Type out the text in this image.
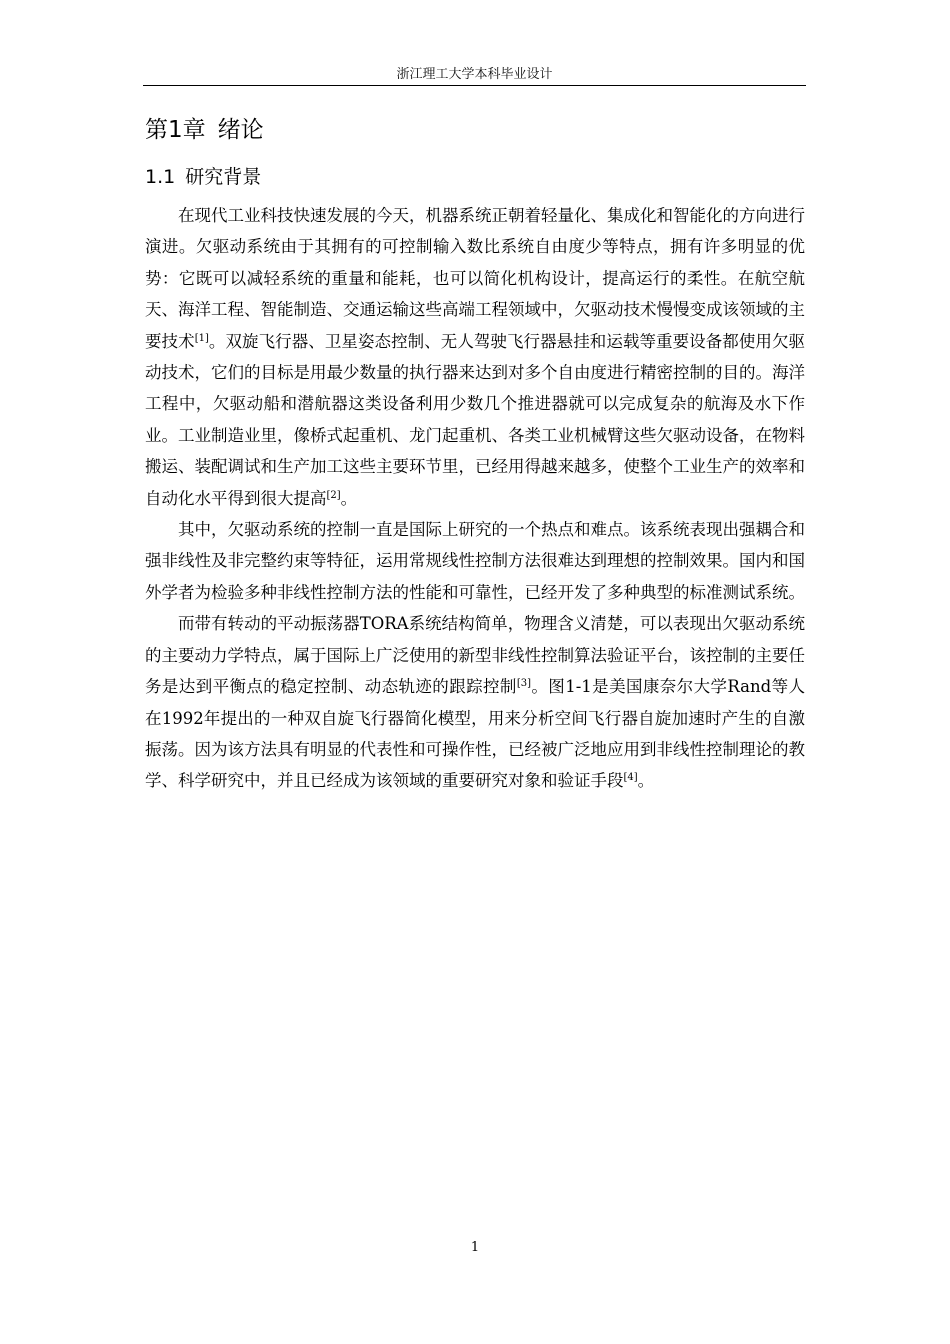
浙江理工大学本科毕业设计
第1章 绪论
1.1 研究背景

在现代工业科技快速发展的今天，机器系统正朝着轻量化、集成化和智能化的方向进行演进。欠驱动系统由于其拥有的可控制输入数比系统自由度少等特点，拥有许多明显的优势：它既可以减轻系统的重量和能耗，也可以简化机构设计，提高运行的柔性。在航空航天、海洋工程、智能制造、交通运输这些高端工程领域中，欠驱动技术慢慢变成该领域的主要技术[1]。双旋飞行器、卫星姿态控制、无人驾驶飞行器悬挂和运载等重要设备都使用欠驱动技术，它们的目标是用最少数量的执行器来达到对多个自由度进行精密控制的目的。海洋工程中，欠驱动船和潜航器这类设备利用少数几个推进器就可以完成复杂的航海及水下作业。工业制造业里，像桥式起重机、龙门起重机、各类工业机械臂这些欠驱动设备，在物料搬运、装配调试和生产加工这些主要环节里，已经用得越来越多，使整个工业生产的效率和自动化水平得到很大提高[2]。

其中，欠驱动系统的控制一直是国际上研究的一个热点和难点。该系统表现出强耦合和强非线性及非完整约束等特征，运用常规线性控制方法很难达到理想的控制效果。国内和国外学者为检验多种非线性控制方法的性能和可靠性，已经开发了多种典型的标准测试系统。

而带有转动的平动振荡器TORA系统结构简单，物理含义清楚，可以表现出欠驱动系统的主要动力学特点，属于国际上广泛使用的新型非线性控制算法验证平台，该控制的主要任务是达到平衡点的稳定控制、动态轨迹的跟踪控制[3]。图1-1是美国康奈尔大学Rand等人在1992年提出的一种双自旋飞行器简化模型，用来分析空间飞行器自旋加速时产生的自激振荡。因为该方法具有明显的代表性和可操作性，已经被广泛地应用到非线性控制理论的教学、科学研究中，并且已经成为该领域的重要研究对象和验证手段[4]。

1
